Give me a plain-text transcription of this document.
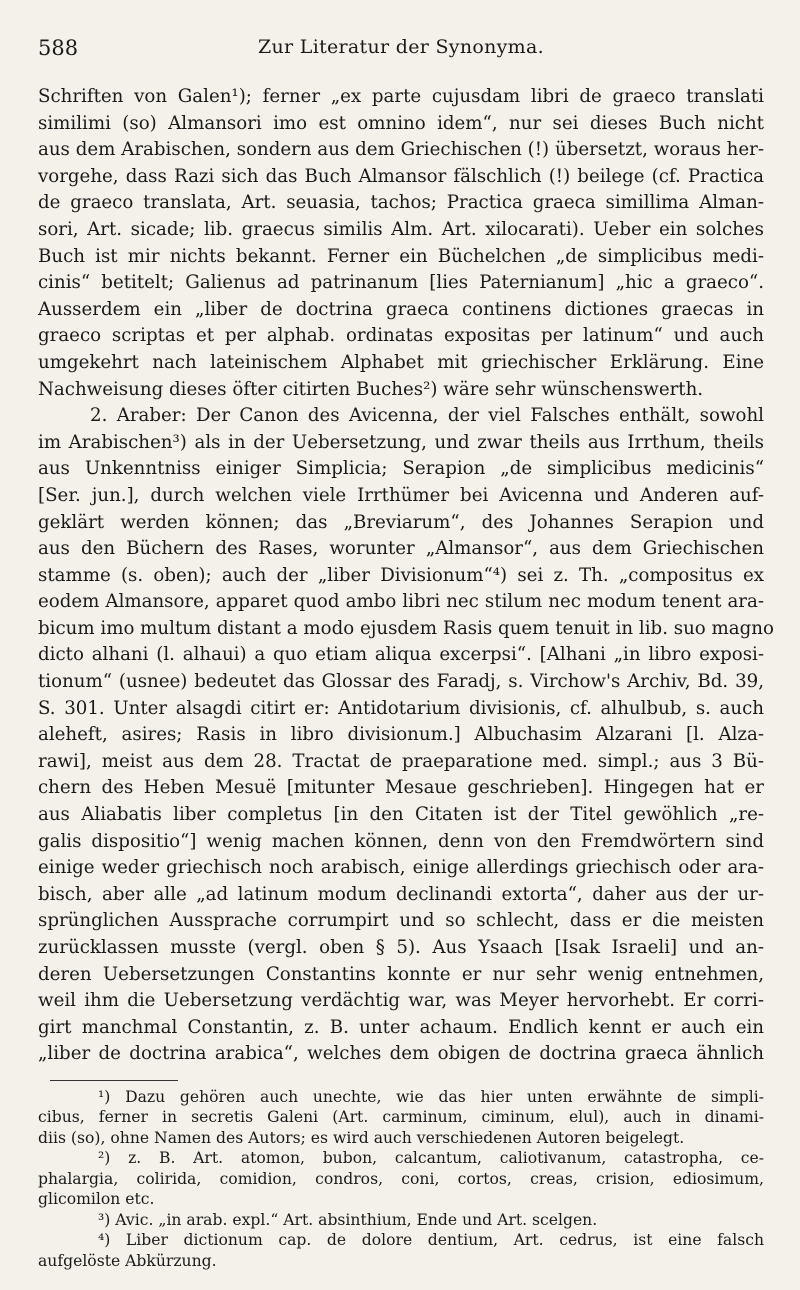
588	Zur Literatur der Synonyma.
Schriften von Galen¹); ferner „ex parte cujusdam libri de graeco translati
similimi (so) Almansori imo est omnino idem“, nur sei dieses Buch nicht
aus dem Arabischen, sondern aus dem Griechischen (!) übersetzt, woraus her-
vorgehe, dass Razi sich das Buch Almansor fälschlich (!) beilege (cf. Practica
de graeco translata, Art. seuasia, tachos; Practica graeca simillima Alman-
sori, Art. sicade; lib. graecus similis Alm. Art. xilocarati). Ueber ein solches
Buch ist mir nichts bekannt. Ferner ein Büchelchen „de simplicibus medi-
cinis“ betitelt; Galienus ad patrinanum [lies Paternianum] „hic a graeco“.
Ausserdem ein „liber de doctrina graeca continens dictiones graecas in
graeco scriptas et per alphab. ordinatas expositas per latinum“ und auch
umgekehrt nach lateinischem Alphabet mit griechischer Erklärung. Eine
Nachweisung dieses öfter citirten Buches²) wäre sehr wünschenswerth.
2. Araber: Der Canon des Avicenna, der viel Falsches enthält, sowohl
im Arabischen³) als in der Uebersetzung, und zwar theils aus Irrthum, theils
aus Unkenntniss einiger Simplicia; Serapion „de simplicibus medicinis“
[Ser. jun.], durch welchen viele Irrthümer bei Avicenna und Anderen auf-
geklärt werden können; das „Breviarum“, des Johannes Serapion und
aus den Büchern des Rases, worunter „Almansor“, aus dem Griechischen
stamme (s. oben); auch der „liber Divisionum“⁴) sei z. Th. „compositus ex
eodem Almansore, apparet quod ambo libri nec stilum nec modum tenent ara-
bicum imo multum distant a modo ejusdem Rasis quem tenuit in lib. suo magno
dicto alhani (l. alhaui) a quo etiam aliqua excerpsi“. [Alhani „in libro exposi-
tionum“ (usnee) bedeutet das Glossar des Faradj, s. Virchow's Archiv, Bd. 39,
S. 301. Unter alsagdi citirt er: Antidotarium divisionis, cf. alhulbub, s. auch
aleheft, asires; Rasis in libro divisionum.] Albuchasim Alzarani [l. Alza-
rawi], meist aus dem 28. Tractat de praeparatione med. simpl.; aus 3 Bü-
chern des Heben Mesuë [mitunter Mesaue geschrieben]. Hingegen hat er
aus Aliabatis liber completus [in den Citaten ist der Titel gewöhlich „re-
galis dispositio“] wenig machen können, denn von den Fremdwörtern sind
einige weder griechisch noch arabisch, einige allerdings griechisch oder ara-
bisch, aber alle „ad latinum modum declinandi extorta“, daher aus der ur-
sprünglichen Aussprache corrumpirt und so schlecht, dass er die meisten
zurücklassen musste (vergl. oben § 5). Aus Ysaach [Isak Israeli] und an-
deren Uebersetzungen Constantins konnte er nur sehr wenig entnehmen,
weil ihm die Uebersetzung verdächtig war, was Meyer hervorhebt. Er corri-
girt manchmal Constantin, z. B. unter achaum. Endlich kennt er auch ein
„liber de doctrina arabica“, welches dem obigen de doctrina graeca ähnlich
¹) Dazu gehören auch unechte, wie das hier unten erwähnte de simpli-
cibus, ferner in secretis Galeni (Art. carminum, ciminum, elul), auch in dinami-
diis (so), ohne Namen des Autors; es wird auch verschiedenen Autoren beigelegt.
²) z. B. Art. atomon, bubon, calcantum, caliotivanum, catastropha, ce-
phalargia, colirida, comidion, condros, coni, cortos, creas, crision, ediosimum,
glicomilon etc.
³) Avic. „in arab. expl.“ Art. absinthium, Ende und Art. scelgen.
⁴) Liber dictionum cap. de dolore dentium, Art. cedrus, ist eine falsch
aufgelöste Abkürzung.
